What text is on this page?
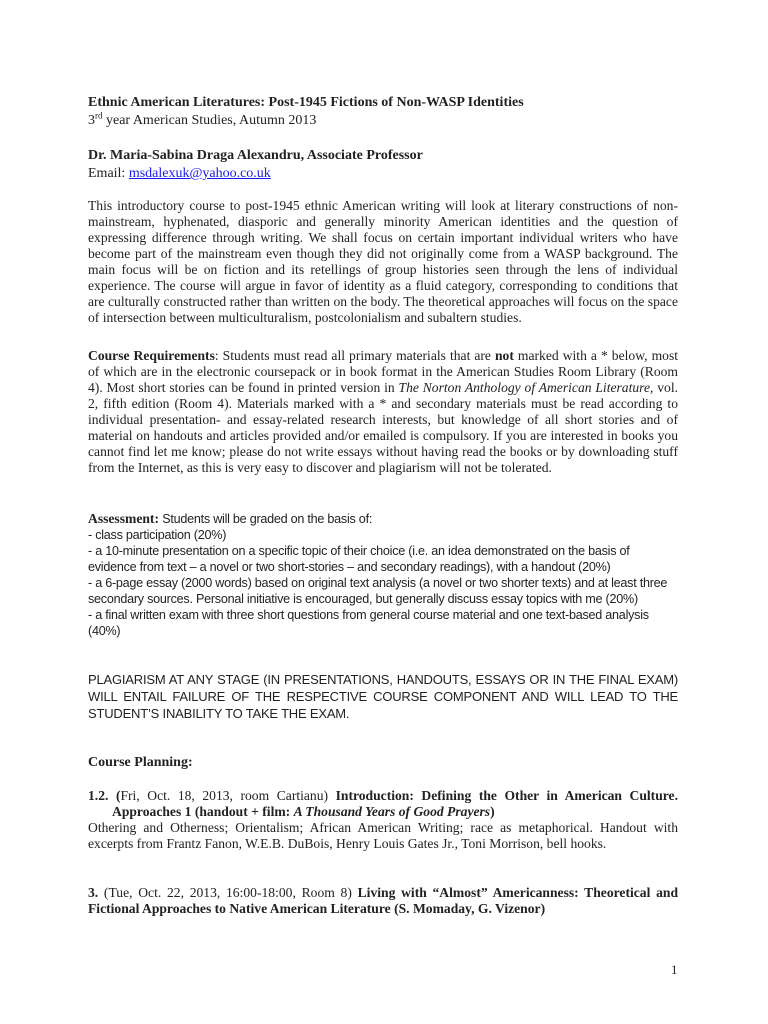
Ethnic American Literatures: Post-1945 Fictions of Non-WASP Identities
3rd year American Studies, Autumn 2013
Dr. Maria-Sabina Draga Alexandru, Associate Professor
Email: msdalexuk@yahoo.co.uk
This introductory course to post-1945 ethnic American writing will look at literary constructions of non-mainstream, hyphenated, diasporic and generally minority American identities and the question of expressing difference through writing. We shall focus on certain important individual writers who have become part of the mainstream even though they did not originally come from a WASP background. The main focus will be on fiction and its retellings of group histories seen through the lens of individual experience. The course will argue in favor of identity as a fluid category, corresponding to conditions that are culturally constructed rather than written on the body. The theoretical approaches will focus on the space of intersection between multiculturalism, postcolonialism and subaltern studies.
Course Requirements: Students must read all primary materials that are not marked with a * below, most of which are in the electronic coursepack or in book format in the American Studies Room Library (Room 4). Most short stories can be found in printed version in The Norton Anthology of American Literature, vol. 2, fifth edition (Room 4). Materials marked with a * and secondary materials must be read according to individual presentation- and essay-related research interests, but knowledge of all short stories and of material on handouts and articles provided and/or emailed is compulsory. If you are interested in books you cannot find let me know; please do not write essays without having read the books or by downloading stuff from the Internet, as this is very easy to discover and plagiarism will not be tolerated.
Assessment: Students will be graded on the basis of:
- class participation (20%)
- a 10-minute presentation on a specific topic of their choice (i.e. an idea demonstrated on the basis of evidence from text – a novel or two short-stories – and secondary readings), with a handout (20%)
- a 6-page essay (2000 words) based on original text analysis (a novel or two shorter texts) and at least three secondary sources. Personal initiative is encouraged, but generally discuss essay topics with me (20%)
- a final written exam with three short questions from general course material and one text-based analysis (40%)
PLAGIARISM AT ANY STAGE (IN PRESENTATIONS, HANDOUTS, ESSAYS OR IN THE FINAL EXAM) WILL ENTAIL FAILURE OF THE RESPECTIVE COURSE COMPONENT AND WILL LEAD TO THE STUDENT’S INABILITY TO TAKE THE EXAM.
Course Planning:
1.2. (Fri, Oct. 18, 2013, room Cartianu) Introduction: Defining the Other in American Culture. Approaches 1 (handout + film: A Thousand Years of Good Prayers)
Othering and Otherness; Orientalism; African American Writing; race as metaphorical. Handout with excerpts from Frantz Fanon, W.E.B. DuBois, Henry Louis Gates Jr., Toni Morrison, bell hooks.
3. (Tue, Oct. 22, 2013, 16:00-18:00, Room 8) Living with “Almost” Americanness: Theoretical and Fictional Approaches to Native American Literature (S. Momaday, G. Vizenor)
1
